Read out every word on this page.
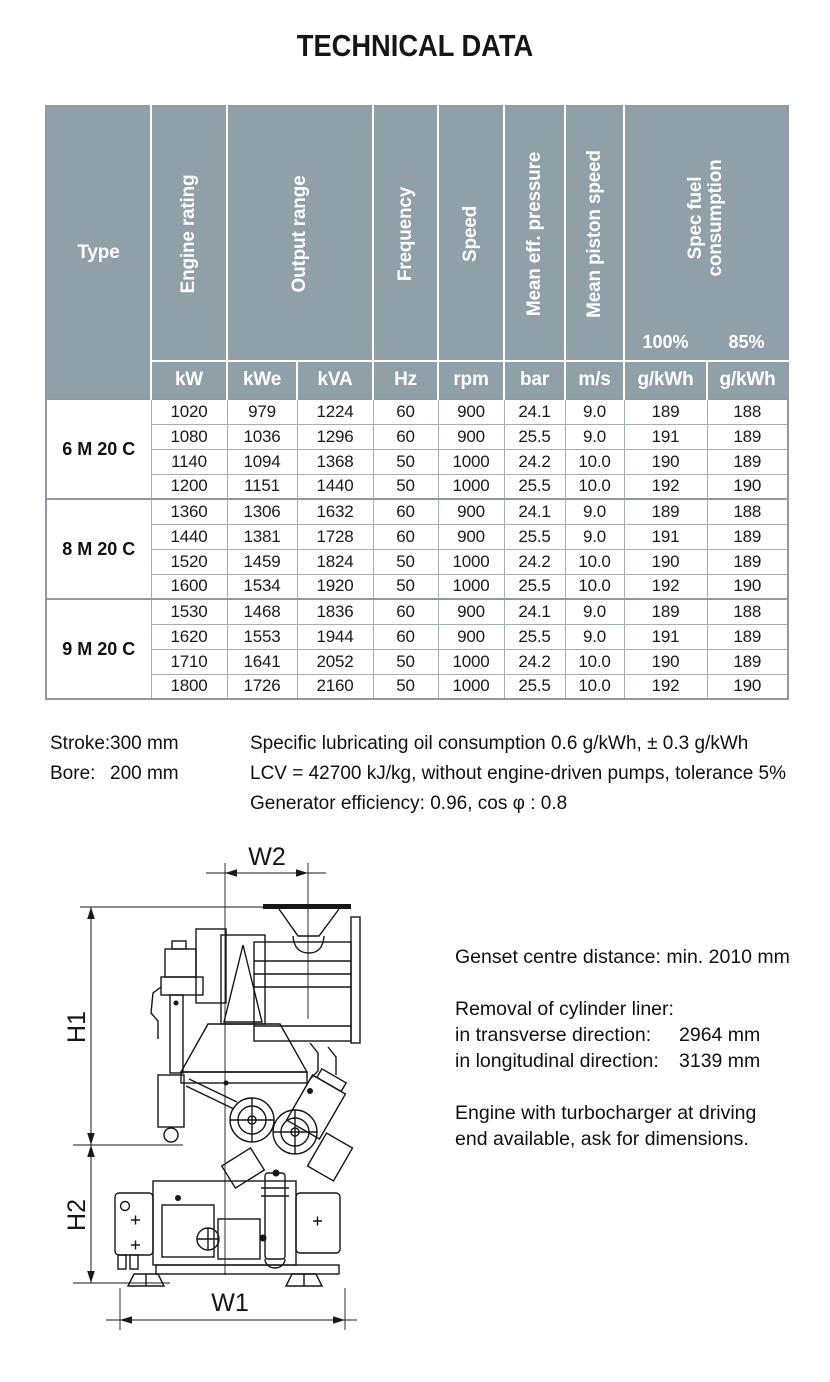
TECHNICAL DATA
Type	Engine rating	Output range		Frequency	Speed	Mean eff. pressure	Mean piston speed	Spec fuel consumption
100% 85%	

	kW	kWe	kVA	Hz	rpm	bar	m/s	g/kWh	g/kWh
6 M 20 C	1020	979	1224	60	900	24.1	9.0	189	188
	1080	1036	1296	60	900	25.5	9.0	191	189
	1140	1094	1368	50	1000	24.2	10.0	190	189
	1200	1151	1440	50	1000	25.5	10.0	192	190
8 M 20 C	1360	1306	1632	60	900	24.1	9.0	189	188
	1440	1381	1728	60	900	25.5	9.0	191	189
	1520	1459	1824	50	1000	24.2	10.0	190	189
	1600	1534	1920	50	1000	25.5	10.0	192	190
9 M 20 C	1530	1468	1836	60	900	24.1	9.0	189	188
	1620	1553	1944	60	900	25.5	9.0	191	189
	1710	1641	2052	50	1000	24.2	10.0	190	189
	1800	1726	2160	50	1000	25.5	10.0	192	190
Stroke: 300 mm
Bore: 200 mm
Specific lubricating oil consumption 0.6 g/kWh, ± 0.3 g/kWh
LCV = 42700 kJ/kg, without engine-driven pumps, tolerance 5%
Generator efficiency: 0.96, cos φ : 0.8
W2
H1
H2
W1

Genset centre distance: min. 2010 mm

Removal of cylinder liner:

in transverse direction:	2964 mm
in longitudinal direction:	3139 mm

Engine with turbocharger at driving
end available, ask for dimensions.
